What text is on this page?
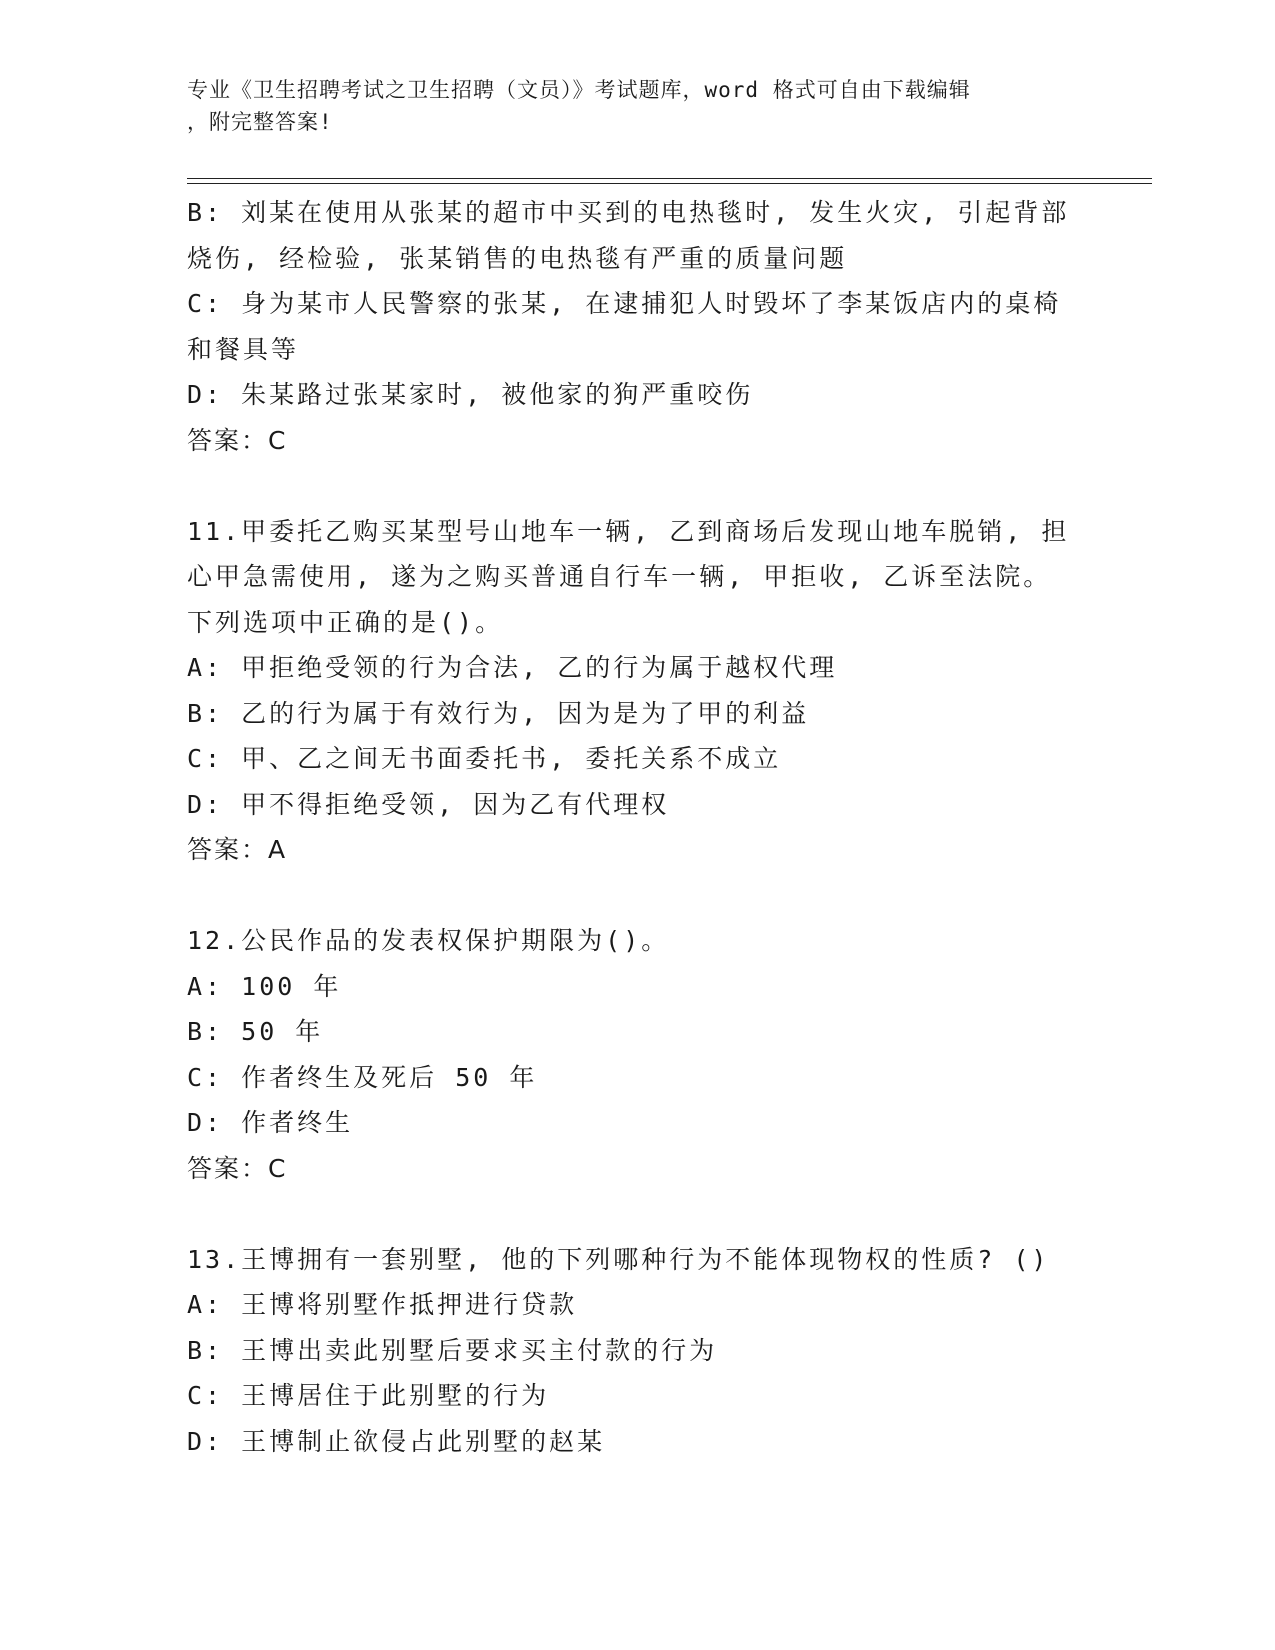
专业《卫生招聘考试之卫生招聘（文员）》考试题库，word 格式可自由下载编辑
，附完整答案!
B: 刘某在使用从张某的超市中买到的电热毯时, 发生火灾, 引起背部
烧伤, 经检验, 张某销售的电热毯有严重的质量问题
C: 身为某市人民警察的张某, 在逮捕犯人时毁坏了李某饭店内的桌椅
和餐具等
D: 朱某路过张某家时, 被他家的狗严重咬伤
答案：C
11.甲委托乙购买某型号山地车一辆, 乙到商场后发现山地车脱销, 担
心甲急需使用, 遂为之购买普通自行车一辆, 甲拒收, 乙诉至法院。
下列选项中正确的是()。
A: 甲拒绝受领的行为合法, 乙的行为属于越权代理
B: 乙的行为属于有效行为, 因为是为了甲的利益
C: 甲、乙之间无书面委托书, 委托关系不成立
D: 甲不得拒绝受领, 因为乙有代理权
答案：A
12.公民作品的发表权保护期限为()。
A: 100 年
B: 50 年
C: 作者终生及死后 50 年
D: 作者终生
答案：C
13.王博拥有一套别墅, 他的下列哪种行为不能体现物权的性质? ()
A: 王博将别墅作抵押进行贷款
B: 王博出卖此别墅后要求买主付款的行为
C: 王博居住于此别墅的行为
D: 王博制止欲侵占此别墅的赵某
